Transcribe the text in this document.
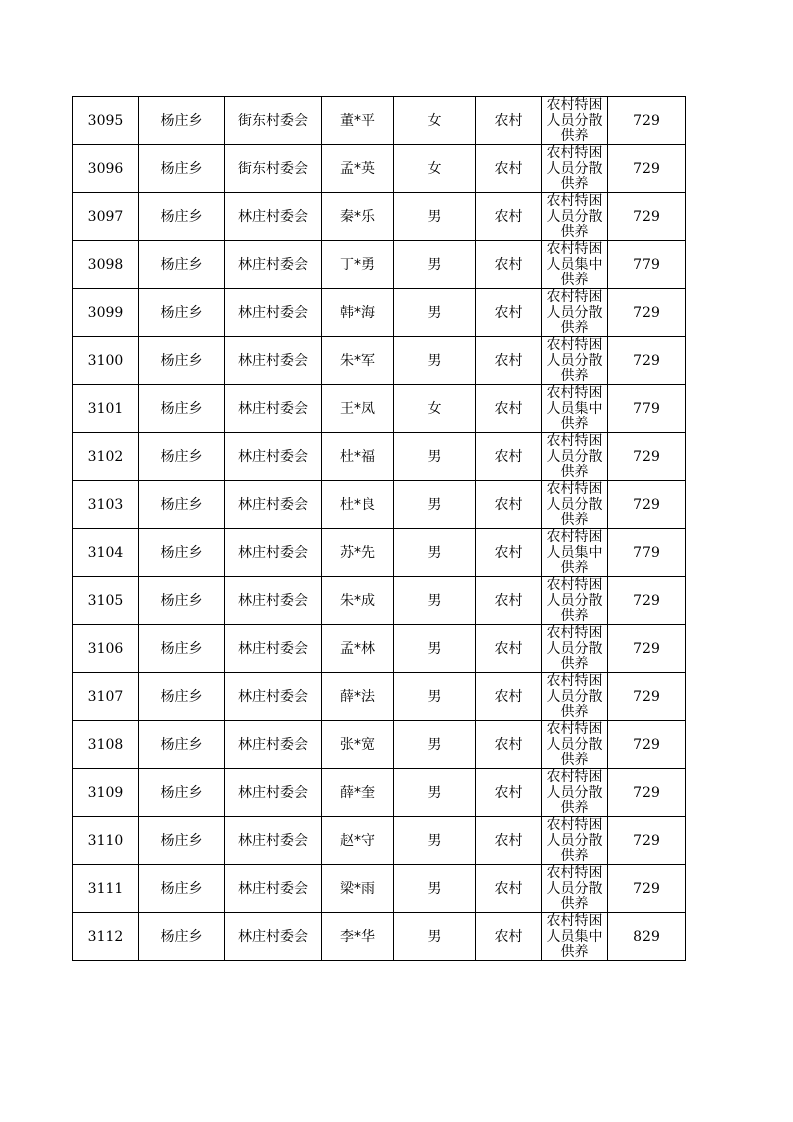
3095	杨庄乡	街东村委会	董*平	女	农村	农村特困人员分散供养	729
3096	杨庄乡	街东村委会	孟*英	女	农村	农村特困人员分散供养	729
3097	杨庄乡	林庄村委会	秦*乐	男	农村	农村特困人员分散供养	729
3098	杨庄乡	林庄村委会	丁*勇	男	农村	农村特困人员集中供养	779
3099	杨庄乡	林庄村委会	韩*海	男	农村	农村特困人员分散供养	729
3100	杨庄乡	林庄村委会	朱*军	男	农村	农村特困人员分散供养	729
3101	杨庄乡	林庄村委会	王*凤	女	农村	农村特困人员集中供养	779
3102	杨庄乡	林庄村委会	杜*福	男	农村	农村特困人员分散供养	729
3103	杨庄乡	林庄村委会	杜*良	男	农村	农村特困人员分散供养	729
3104	杨庄乡	林庄村委会	苏*先	男	农村	农村特困人员集中供养	779
3105	杨庄乡	林庄村委会	朱*成	男	农村	农村特困人员分散供养	729
3106	杨庄乡	林庄村委会	孟*林	男	农村	农村特困人员分散供养	729
3107	杨庄乡	林庄村委会	薛*法	男	农村	农村特困人员分散供养	729
3108	杨庄乡	林庄村委会	张*宽	男	农村	农村特困人员分散供养	729
3109	杨庄乡	林庄村委会	薛*奎	男	农村	农村特困人员分散供养	729
3110	杨庄乡	林庄村委会	赵*守	男	农村	农村特困人员分散供养	729
3111	杨庄乡	林庄村委会	梁*雨	男	农村	农村特困人员分散供养	729
3112	杨庄乡	林庄村委会	李*华	男	农村	农村特困人员集中供养	829
